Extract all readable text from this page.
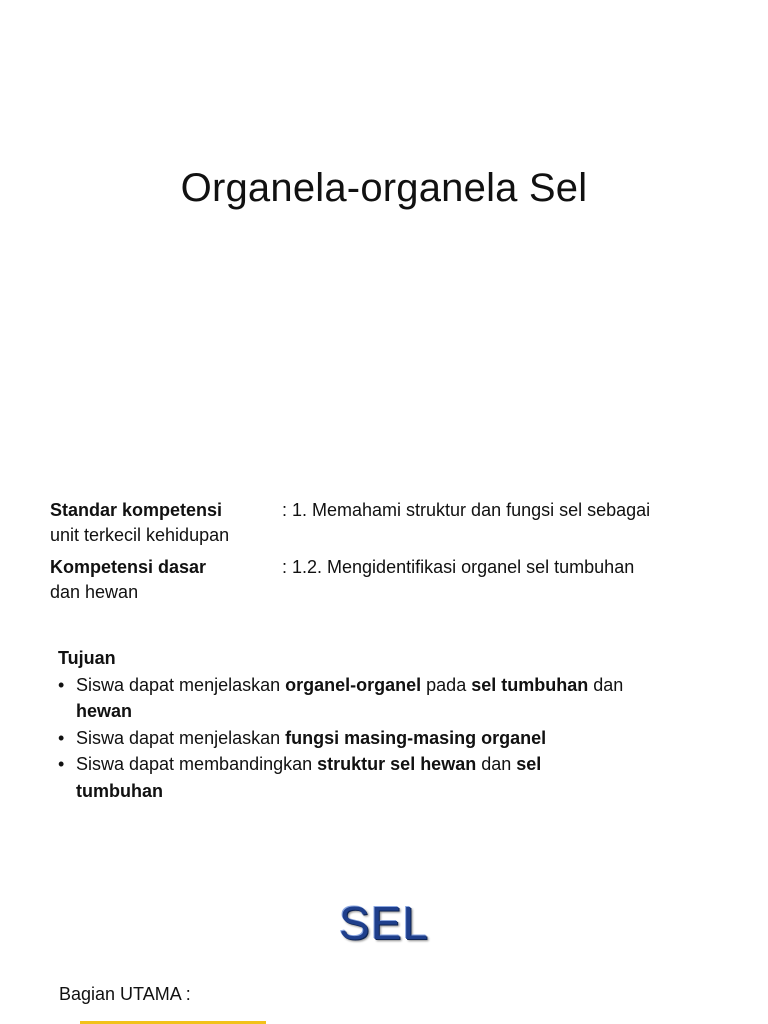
Organela-organela Sel
Standar kompetensi	: 1. Memahami struktur dan fungsi sel sebagai
unit terkecil kehidupan
Kompetensi dasar	: 1.2. Mengidentifikasi organel sel tumbuhan
dan hewan
Tujuan
• Siswa dapat menjelaskan organel-organel pada sel tumbuhan dan
hewan
• Siswa dapat menjelaskan fungsi masing-masing organel
• Siswa dapat membandingkan struktur sel hewan dan sel
tumbuhan
SEL
Bagian UTAMA :
